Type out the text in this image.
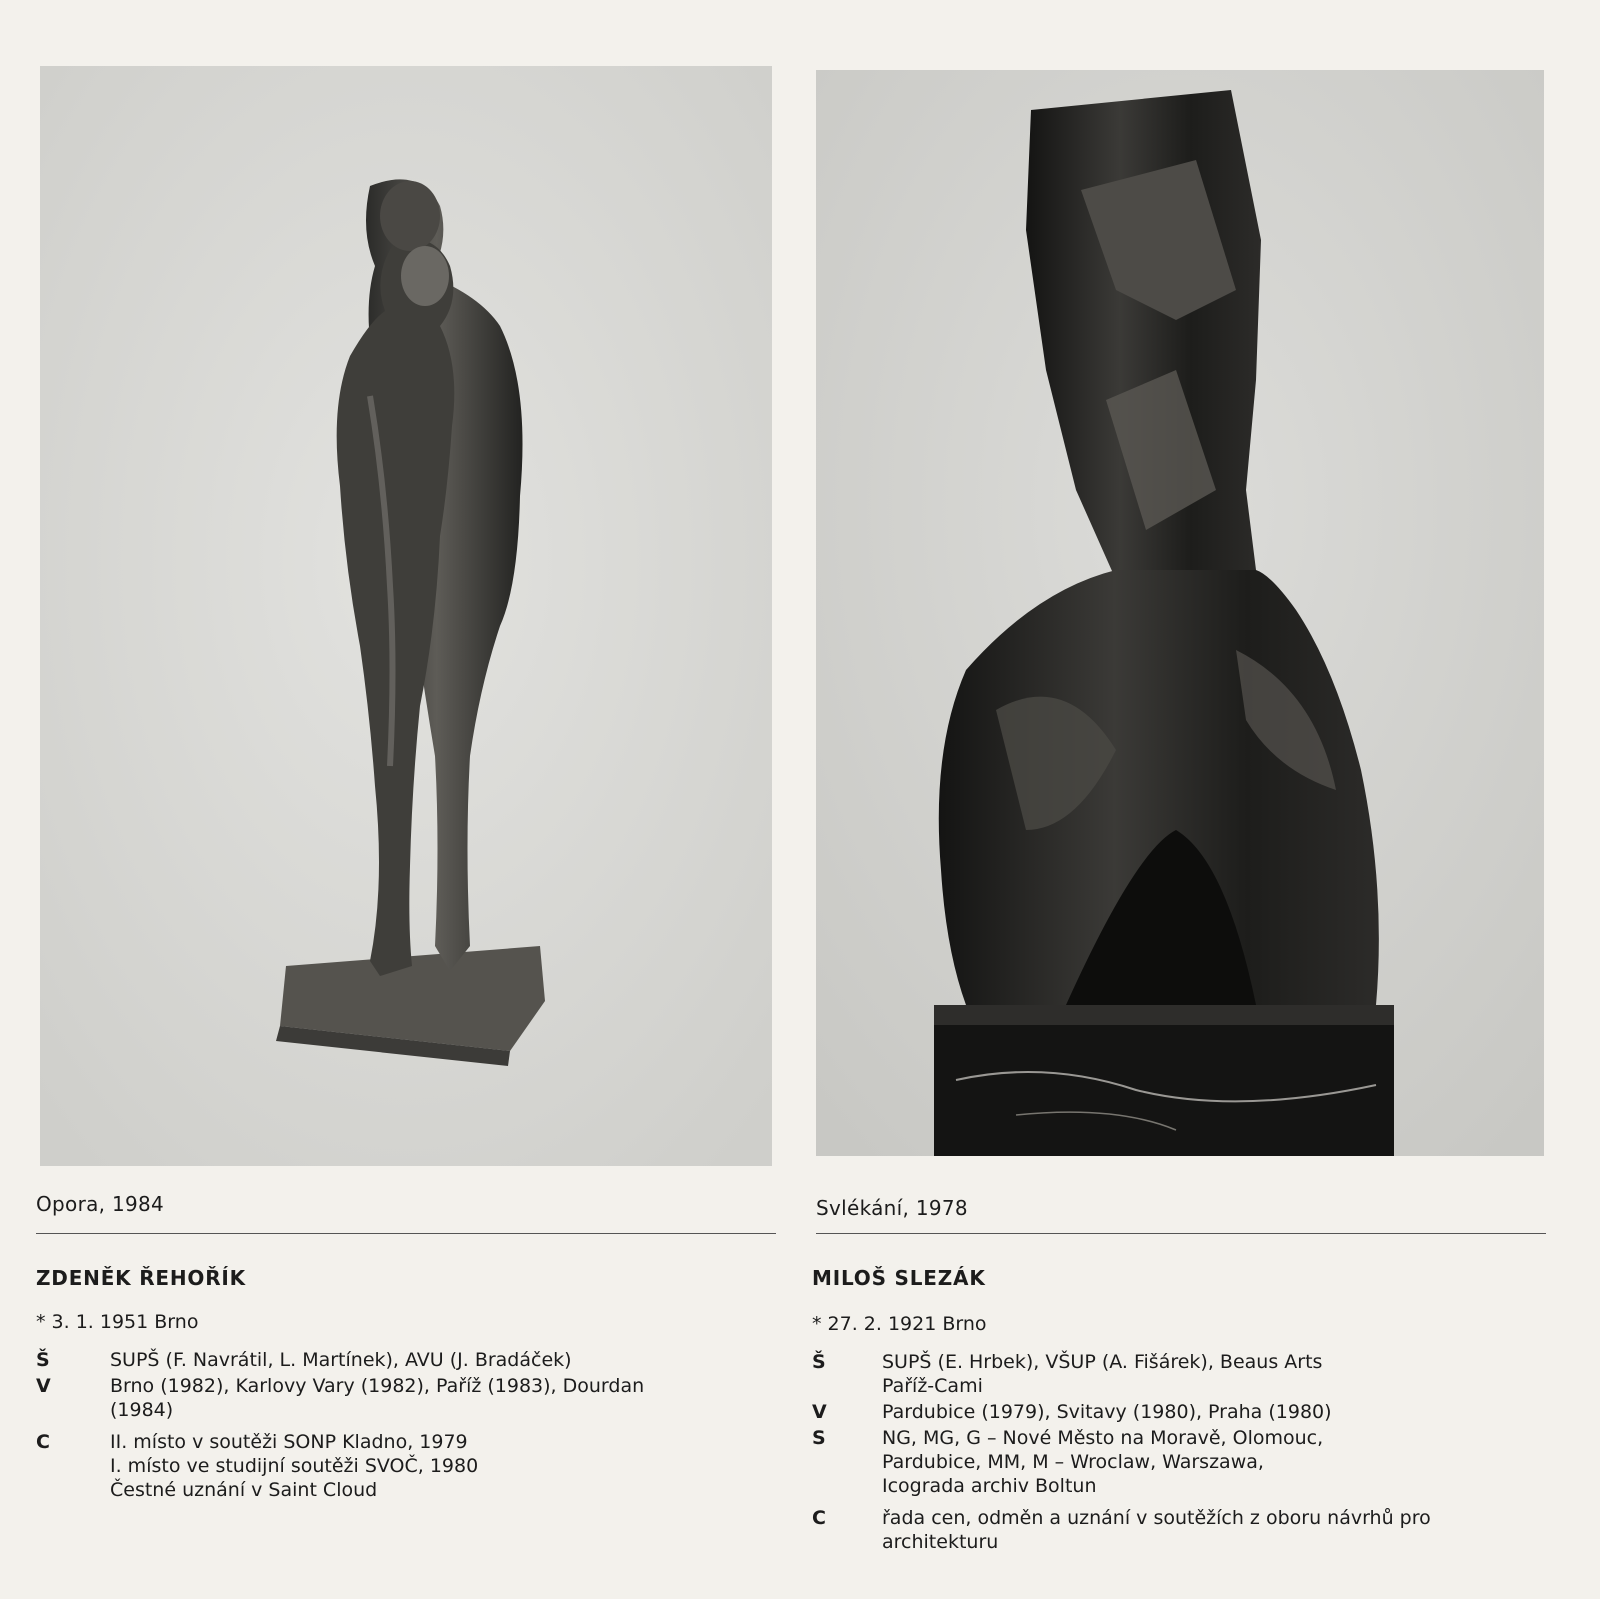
Opora, 1984	Svlékání, 1978
ZDENĚK ŘEHOŘÍK
* 3. 1. 1951 Brno
Š	SUPŠ (F. Navrátil, L. Martínek), AVU (J. Bradáček)
V	Brno (1982), Karlovy Vary (1982), Paříž (1983), Dourdan
(1984)
C	II. místo v soutěži SONP Kladno, 1979
I. místo ve studijní soutěži SVOČ, 1980
Čestné uznání v Saint Cloud
MILOŠ SLEZÁK
* 27. 2. 1921 Brno
Š	SUPŠ (E. Hrbek), VŠUP (A. Fišárek), Beaus Arts
Paříž-Cami
V	Pardubice (1979), Svitavy (1980), Praha (1980)
S	NG, MG, G – Nové Město na Moravě, Olomouc,
Pardubice, MM, M – Wroclaw, Warszawa,
Icograda archiv Boltun
C	řada cen, odměn a uznání v soutěžích z oboru návrhů pro
architekturu
